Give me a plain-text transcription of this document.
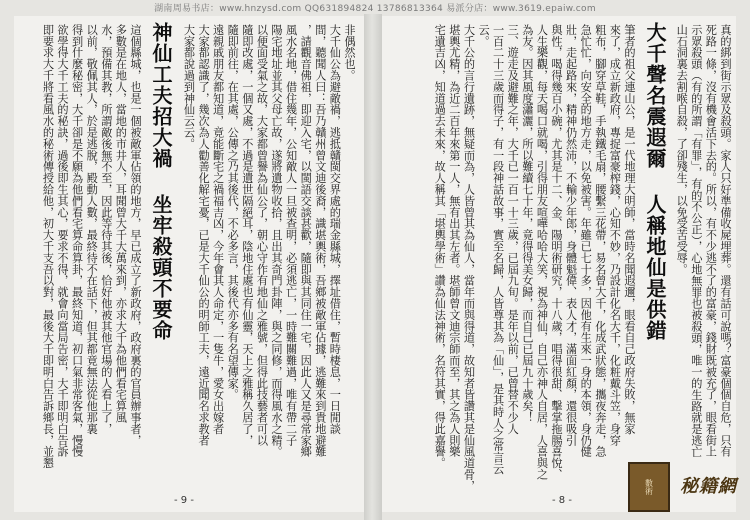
湖南周易书店：www.hnzysd.com QQ631894824 13786813364 易派分店：www.3619.epaiw.com
非偶然也。
大千仙公為避敵禍，逃抵贛閩交界處的瑞金縣城，擇址借住，暫時棲息，一日閒談
間，聽聞人曰：吾乃贛州曾文迪後裔，識堪輿術，吾鄉被敵軍佔據，逃難來到貴地避難
，請觀音佛祖，即迎入宅，以閩語交談甚歡，隨即與其同住一宅，因此人又是尋常家鄉
風水名地，借住幾年，公知敵人一旦被查明，必須逃亡，一時難關難過，唯有帶二子
陽宅地址並其父母亡故，遂將遺物收拾，且出其奇門卦陣，與之同修，而得風水之精。
以便面受氣之故，大家都曾譽為仙公了，朝心守作有地仙之雅號，但得此技藝者可以
隨即改處，一個又處，不過是遺世隔絕耳，陰地住處也有仙靈，天上之雅稱久居了，
隨即前往，在其處，公傳之乃其後代，不必多言，其後代亦多有名望傳家。
遠親戚朋友都知道，竟能斷宅之禍福吉凶，今年會其人命定，一隻牛，愛女出嫁者
大家都認識了，幾次為人勸善化解宅憂，已是大千仙公的明師工夫，遠近聞名求教者
大家都說過到神仙云云。
神仙工夫招大禍 坐牢殺頭不要命
這個縣城，也是一個被敵軍佔領的地方，早已成立了新政府，政府裏的官員辦事者，
多數是在地人，當地的市井人，耳聞曾大千大萬來到，亦求大千為他們看宅算風
水，預備其教，所謂敵後無不至，因此等待其後，恰好他被其他官場的人看上了，
以前，敬佩其人，於是逃脫，殿動人數，最終待不在話下，但其都竟無法從他那裏
得到什麼秘密，大千卻是不願為他們看宅算命算卦，最終知道，初口氣非常客氣，慢慢
欲學得大千工夫的秘訣，過後即生其心，要求不得，就會向當局告密，大千即明白告訴
即要求大千將看風水的秘術傳授給他，初大千支吾以對，最後大千即明白告訴鄉長，並懇
- 9 -
真的綁到街示眾及殺頭。家人只好準備收屍埋葬。還有話可說嗎？富豪個個自危，只有
死路一條，沒有機會活下去的。所以，有不少逃不了的富豪，錢財既被充了，眼看街上
示眾殺頭（有的所謂「有罪」，有的不公正），心地無罪也被殺頭，唯一的生路就是逃亡
山石洞裏去割喉自殺，了卻殘生，以免受苦受辱。
大千聲名震遐爾 人稱地仙是供錯
筆者的祖父連山公，是一代地理大明師，當時名聞遐邇，眼看自己政府失敗，無家
來了，成立新政府，專捉富豪榨錢，心知不妙，乃設計化名大千，化粧戴斗笠，身穿
粗布，腳穿草鞋，手執鐵毛扇，腰繫三花帶，易名曾大千，化成武狀態，攜夜奔走，急
急忙忙，向安全的地方走，以免被害。年雖已七十多，因他有生來一身的本領，身仍健
壯，走起路來，精神仍然沛，不輸少年郎，身體魁偉、表人才，滿面紅顏，還很吸引
與性，喝得幾百小碗，尤其是十二、金、陽明術研究，十八歲，唱得很甜、擊掌拖腸喜悅、
人生樂觀，每天喝口就喝，引得朋友喧嘩哈哈大笑，視為神仙，自己亦神人自居，人喜與之
為友。因其風度瀟灑，所以難續七十年，竟得得美女歸，而自己已屆九十歲矣！
三、遊走及避難之年，大千已一百一十三歲，已屆九旬。是年以前，已曾替不少人
一百二十三歲而得子，有一段神話故事，實至名歸，人皆尊其為「仙」，是其時人之常言云云。
大千公的言行遺跡，無疑而為，人皆曾其為仙人，當年而與得道，故知者皆讚其是仙風道骨，
堪輿尤精，為近二百年來第一人，無有出其左者。堪師曾文迪宗師而至，其之為人則樂
宅遺吉凶，知道過去未來，故人稱其「堪輿學術」讚為仙法神術，名符其實，得此嘉譽。
- 8 -
數術 秘籍網
